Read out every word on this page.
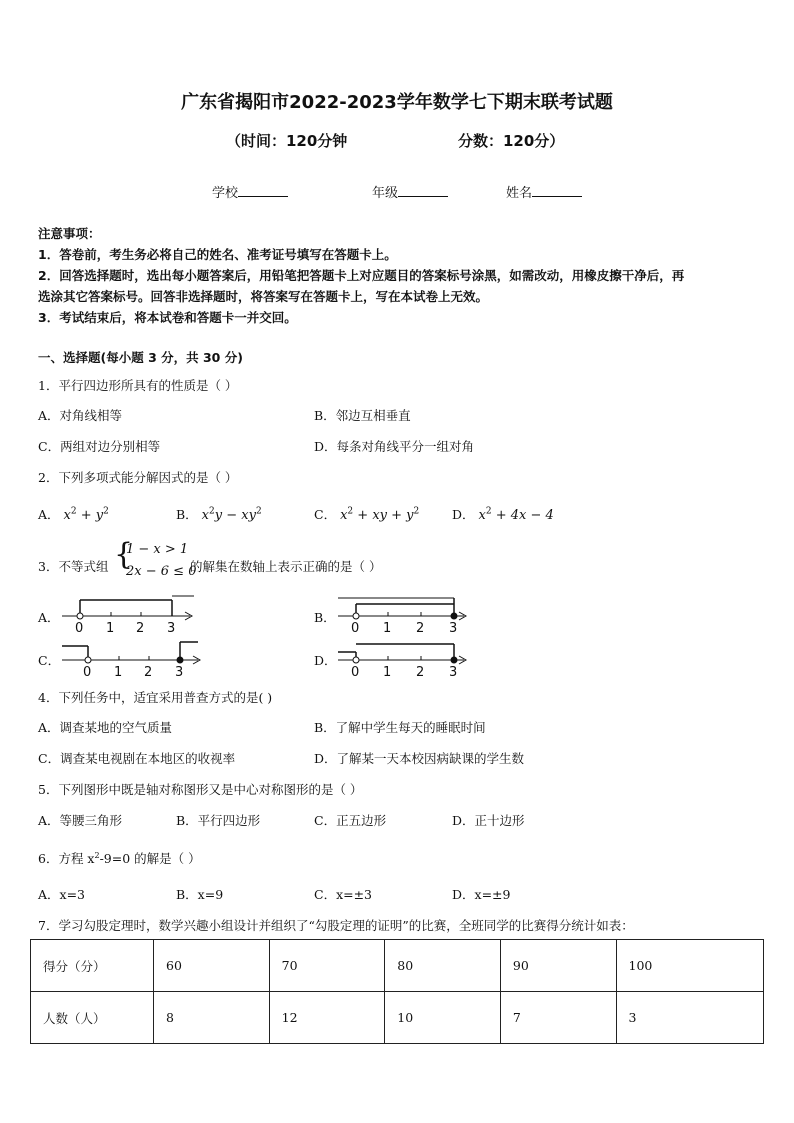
广东省揭阳市2022-2023学年数学七下期末联考试题
（时间：120分钟	分数：120分）
学校	年级	姓名
注意事项：
1．答卷前，考生务必将自己的姓名、准考证号填写在答题卡上。
2．回答选择题时，选出每小题答案后，用铅笔把答题卡上对应题目的答案标号涂黑，如需改动，用橡皮擦干净后，再
选涂其它答案标号。回答非选择题时，将答案写在答题卡上，写在本试卷上无效。
3．考试结束后，将本试卷和答题卡一并交回。
一、选择题(每小题 3 分，共 30 分)
1．平行四边形所具有的性质是（ ）
A．对角线相等	B．邻边互相垂直
C．两组对边分别相等	D．每条对角线平分一组对角
2．下列多项式能分解因式的是（ ）
A． $x^2 + y^2$	B． $x^2y - xy^2$	C． $x^2$ + xy + $y^2$	D． $x^2 + 4x - 4$
3．不等式组 {
1 − x > 1
2x − 6 ≤ 0
的解集在数轴上表示正确的是（ ）
A．	B．
C．	D．
0 1 2 3	0 1 2 3
0 1 2 3	0 1 2 3
4．下列任务中，适宜采用普查方式的是( )
A．调查某地的空气质量	B．了解中学生每天的睡眠时间
C．调查某电视剧在本地区的收视率	D．了解某一天本校因病缺课的学生数
5．下列图形中既是轴对称图形又是中心对称图形的是（ ）
A．等腰三角形	B．平行四边形	C．正五边形	D．正十边形
6．方程 $x^2-9=0$ 的解是（ ）
A．x=3	B．x=9	C．x=±3	D．x=±9
7．学习勾股定理时，数学兴趣小组设计并组织了“勾股定理的证明”的比赛，全班同学的比赛得分统计如表：
得分（分）	60	70	80	90	100
人数（人）	8	12	10	7	3
